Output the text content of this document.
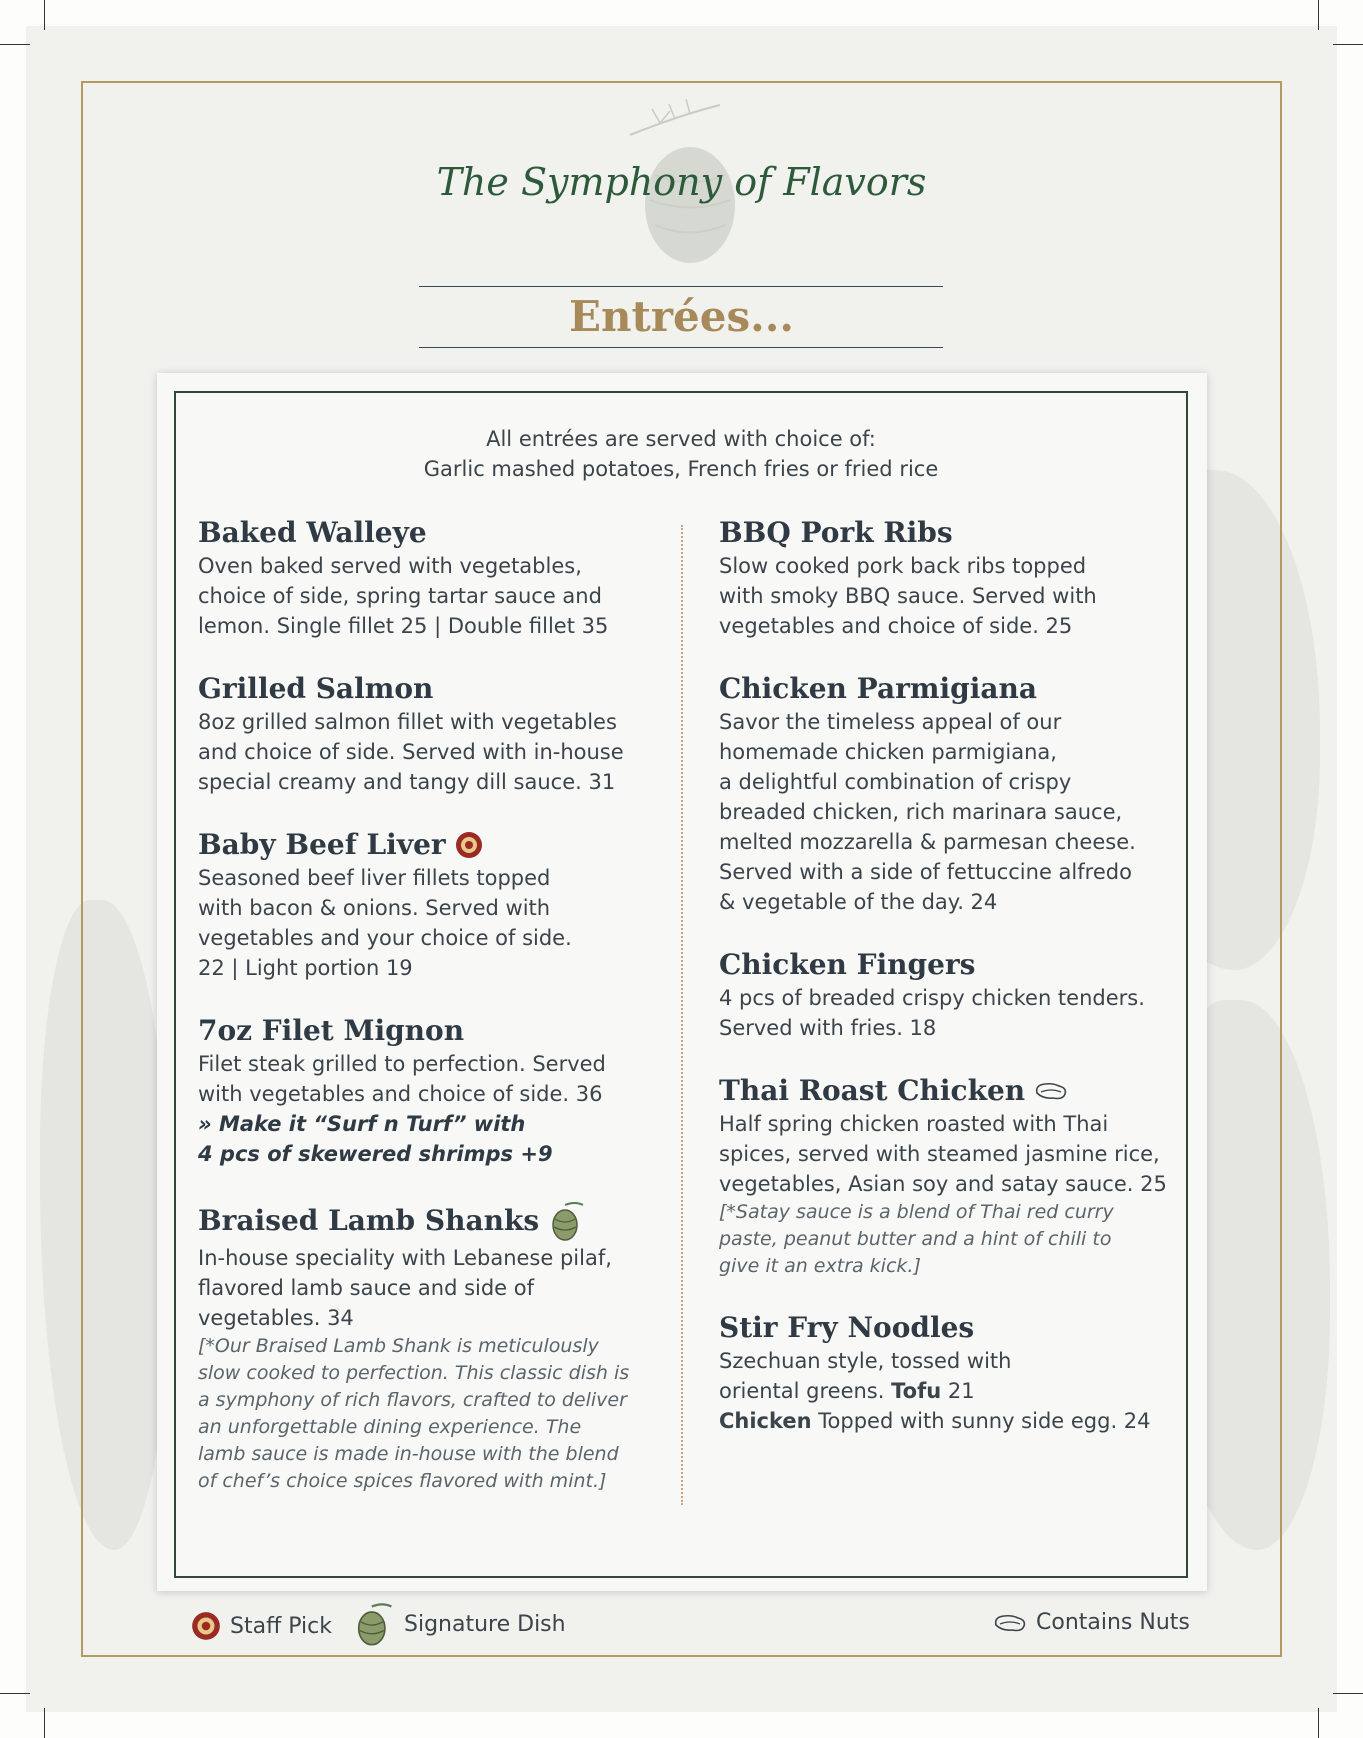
The Symphony of Flavors
Entrées...
All entrées are served with choice of:
Garlic mashed potatoes, French fries or fried rice
Baked Walleye
Oven baked served with vegetables,
choice of side, spring tartar sauce and
lemon. Single fillet 25 | Double fillet 35
Grilled Salmon
8oz grilled salmon fillet with vegetables
and choice of side. Served with in-house
special creamy and tangy dill sauce. 31
Baby Beef Liver
Seasoned beef liver fillets topped
with bacon & onions. Served with
vegetables and your choice of side.
22 | Light portion 19
7oz Filet Mignon
Filet steak grilled to perfection. Served
with vegetables and choice of side. 36
» Make it “Surf n Turf” with
4 pcs of skewered shrimps +9
Braised Lamb Shanks
In-house speciality with Lebanese pilaf,
flavored lamb sauce and side of
vegetables. 34
[*Our Braised Lamb Shank is meticulously
slow cooked to perfection. This classic dish is
a symphony of rich flavors, crafted to deliver
an unforgettable dining experience. The
lamb sauce is made in-house with the blend
of chef’s choice spices flavored with mint.]
BBQ Pork Ribs
Slow cooked pork back ribs topped
with smoky BBQ sauce. Served with
vegetables and choice of side. 25
Chicken Parmigiana
Savor the timeless appeal of our
homemade chicken parmigiana,
a delightful combination of crispy
breaded chicken, rich marinara sauce,
melted mozzarella & parmesan cheese.
Served with a side of fettuccine alfredo
& vegetable of the day. 24
Chicken Fingers
4 pcs of breaded crispy chicken tenders.
Served with fries. 18
Thai Roast Chicken
Half spring chicken roasted with Thai
spices, served with steamed jasmine rice,
vegetables, Asian soy and satay sauce. 25
[*Satay sauce is a blend of Thai red curry
paste, peanut butter and a hint of chili to
give it an extra kick.]
Stir Fry Noodles
Szechuan style, tossed with
oriental greens. Tofu 21
Chicken Topped with sunny side egg. 24
Staff Pick	Signature Dish	Contains Nuts
